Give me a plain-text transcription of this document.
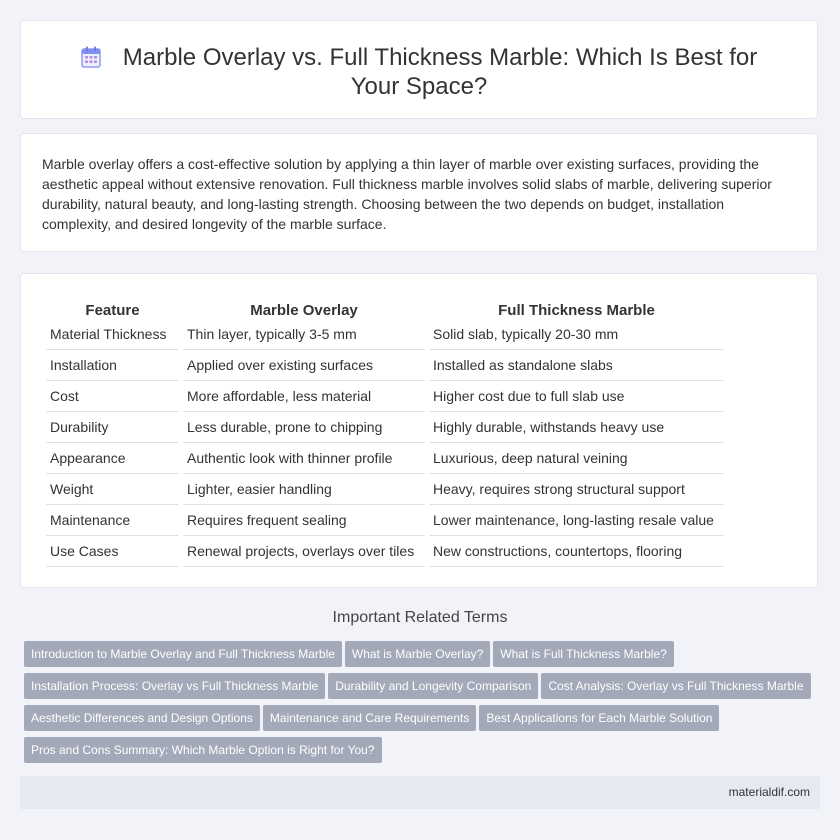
Marble Overlay vs. Full Thickness Marble: Which Is Best for Your Space?

Marble overlay offers a cost-effective solution by applying a thin layer of marble over existing surfaces, providing the aesthetic appeal without extensive renovation. Full thickness marble involves solid slabs of marble, delivering superior durability, natural beauty, and long-lasting strength. Choosing between the two depends on budget, installation complexity, and desired longevity of the marble surface.

Feature	Marble Overlay	Full Thickness Marble
Material Thickness	Thin layer, typically 3-5 mm	Solid slab, typically 20-30 mm
Installation	Applied over existing surfaces	Installed as standalone slabs
Cost	More affordable, less material	Higher cost due to full slab use
Durability	Less durable, prone to chipping	Highly durable, withstands heavy use
Appearance	Authentic look with thinner profile	Luxurious, deep natural veining
Weight	Lighter, easier handling	Heavy, requires strong structural support
Maintenance	Requires frequent sealing	Lower maintenance, long-lasting resale value
Use Cases	Renewal projects, overlays over tiles	New constructions, countertops, flooring
Important Related Terms
Introduction to Marble Overlay and Full Thickness Marble What is Marble Overlay? What is Full Thickness Marble?
Installation Process: Overlay vs Full Thickness Marble Durability and Longevity Comparison Cost Analysis: Overlay vs Full Thickness Marble
Aesthetic Differences and Design Options Maintenance and Care Requirements Best Applications for Each Marble Solution
Pros and Cons Summary: Which Marble Option is Right for You?
materialdif.com
